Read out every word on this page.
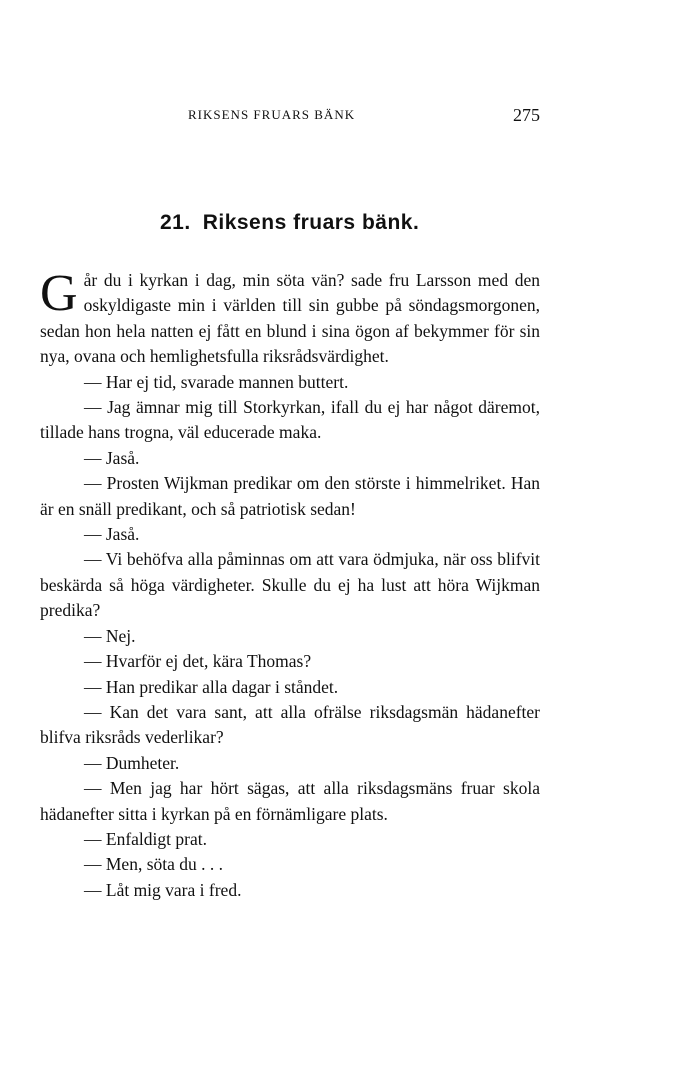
RIKSENS FRUARS BÄNK	275
21. Riksens fruars bänk.

Går du i kyrkan i dag, min söta vän? sade fru Larsson med den oskyldigaste min i världen till sin gubbe på söndagsmorgonen, sedan hon hela natten ej fått en blund i sina ögon af bekymmer för sin nya, ovana och hemlighetsfulla riksrådsvärdighet.

— Har ej tid, svarade mannen buttert.

— Jag ämnar mig till Storkyrkan, ifall du ej har något däremot, tillade hans trogna, väl educerade maka.

— Jaså.

— Prosten Wijkman predikar om den störste i himmelriket. Han är en snäll predikant, och så patriotisk sedan!

— Jaså.

— Vi behöfva alla påminnas om att vara ödmjuka, när oss blifvit beskärda så höga värdigheter. Skulle du ej ha lust att höra Wijkman predika?

— Nej.

— Hvarför ej det, kära Thomas?

— Han predikar alla dagar i ståndet.

— Kan det vara sant, att alla ofrälse riksdagsmän hädanefter blifva riksråds vederlikar?

— Dumheter.

— Men jag har hört sägas, att alla riksdagsmäns fruar skola hädanefter sitta i kyrkan på en förnämligare plats.

— Enfaldigt prat.

— Men, söta du . . .

— Låt mig vara i fred.
